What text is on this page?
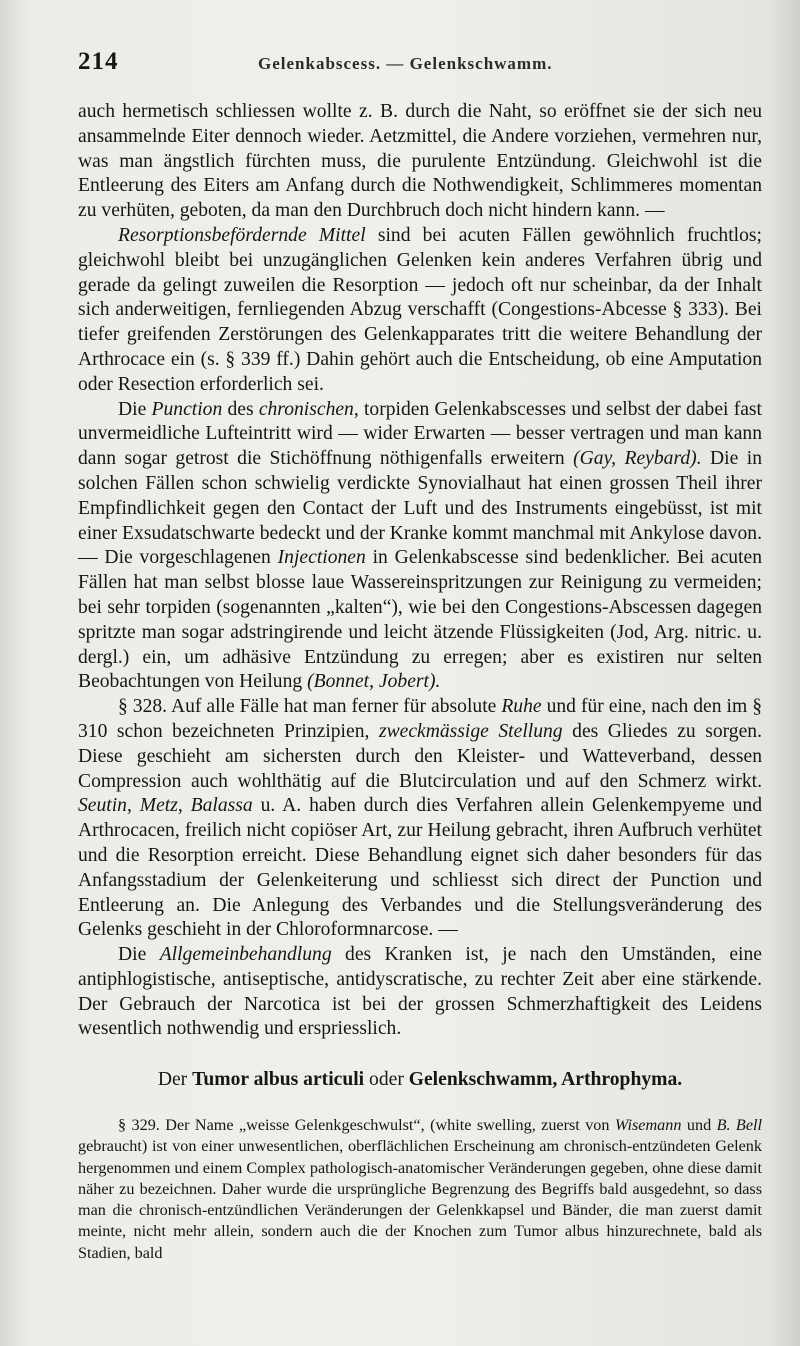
214	Gelenkabscess. — Gelenkschwamm.

auch hermetisch schliessen wollte z. B. durch die Naht, so eröffnet sie der sich neu ansammelnde Eiter dennoch wieder. Aetzmittel, die Andere vorziehen, vermehren nur, was man ängstlich fürchten muss, die purulente Entzündung. Gleichwohl ist die Entleerung des Eiters am Anfang durch die Nothwendigkeit, Schlimmeres momentan zu verhüten, geboten, da man den Durchbruch doch nicht hindern kann. —

Resorptionsbefördernde Mittel sind bei acuten Fällen gewöhnlich fruchtlos; gleichwohl bleibt bei unzugänglichen Gelenken kein anderes Verfahren übrig und gerade da gelingt zuweilen die Resorption — jedoch oft nur scheinbar, da der Inhalt sich anderweitigen, fernliegenden Abzug verschafft (Congestions-Abcesse § 333). Bei tiefer greifenden Zerstörungen des Gelenkapparates tritt die weitere Behandlung der Arthrocace ein (s. § 339 ff.) Dahin gehört auch die Entscheidung, ob eine Amputation oder Resection erforderlich sei.

Die Punction des chronischen, torpiden Gelenkabscesses und selbst der dabei fast unvermeidliche Lufteintritt wird — wider Erwarten — besser vertragen und man kann dann sogar getrost die Stichöffnung nöthigenfalls erweitern (Gay, Reybard). Die in solchen Fällen schon schwielig verdickte Synovialhaut hat einen grossen Theil ihrer Empfindlichkeit gegen den Contact der Luft und des Instruments eingebüsst, ist mit einer Exsudatschwarte bedeckt und der Kranke kommt manchmal mit Ankylose davon. — Die vorgeschlagenen Injectionen in Gelenkabscesse sind bedenklicher. Bei acuten Fällen hat man selbst blosse laue Wassereinspritzungen zur Reinigung zu vermeiden; bei sehr torpiden (sogenannten „kalten“), wie bei den Congestions-Abscessen dagegen spritzte man sogar adstringirende und leicht ätzende Flüssigkeiten (Jod, Arg. nitric. u. dergl.) ein, um adhäsive Entzündung zu erregen; aber es existiren nur selten Beobachtungen von Heilung (Bonnet, Jobert).

§ 328. Auf alle Fälle hat man ferner für absolute Ruhe und für eine, nach den im § 310 schon bezeichneten Prinzipien, zweckmässige Stellung des Gliedes zu sorgen. Diese geschieht am sichersten durch den Kleister- und Watteverband, dessen Compression auch wohlthätig auf die Blutcirculation und auf den Schmerz wirkt. Seutin, Metz, Balassa u. A. haben durch dies Verfahren allein Gelenkempyeme und Arthrocacen, freilich nicht copiöser Art, zur Heilung gebracht, ihren Aufbruch verhütet und die Resorption erreicht. Diese Behandlung eignet sich daher besonders für das Anfangsstadium der Gelenkeiterung und schliesst sich direct der Punction und Entleerung an. Die Anlegung des Verbandes und die Stellungsveränderung des Gelenks geschieht in der Chloroformnarcose. —

Die Allgemeinbehandlung des Kranken ist, je nach den Umständen, eine antiphlogistische, antiseptische, antidyscratische, zu rechter Zeit aber eine stärkende. Der Gebrauch der Narcotica ist bei der grossen Schmerzhaftigkeit des Leidens wesentlich nothwendig und erspriesslich.

Der Tumor albus articuli oder Gelenkschwamm, Arthrophyma.

§ 329. Der Name „weisse Gelenkgeschwulst“, (white swelling, zuerst von Wisemann und B. Bell gebraucht) ist von einer unwesentlichen, oberflächlichen Erscheinung am chronisch-entzündeten Gelenk hergenommen und einem Complex pathologisch-anatomischer Veränderungen gegeben, ohne diese damit näher zu bezeichnen. Daher wurde die ursprüngliche Begrenzung des Begriffs bald ausgedehnt, so dass man die chronisch-entzündlichen Veränderungen der Gelenkkapsel und Bänder, die man zuerst damit meinte, nicht mehr allein, sondern auch die der Knochen zum Tumor albus hinzurechnete, bald als Stadien, bald
